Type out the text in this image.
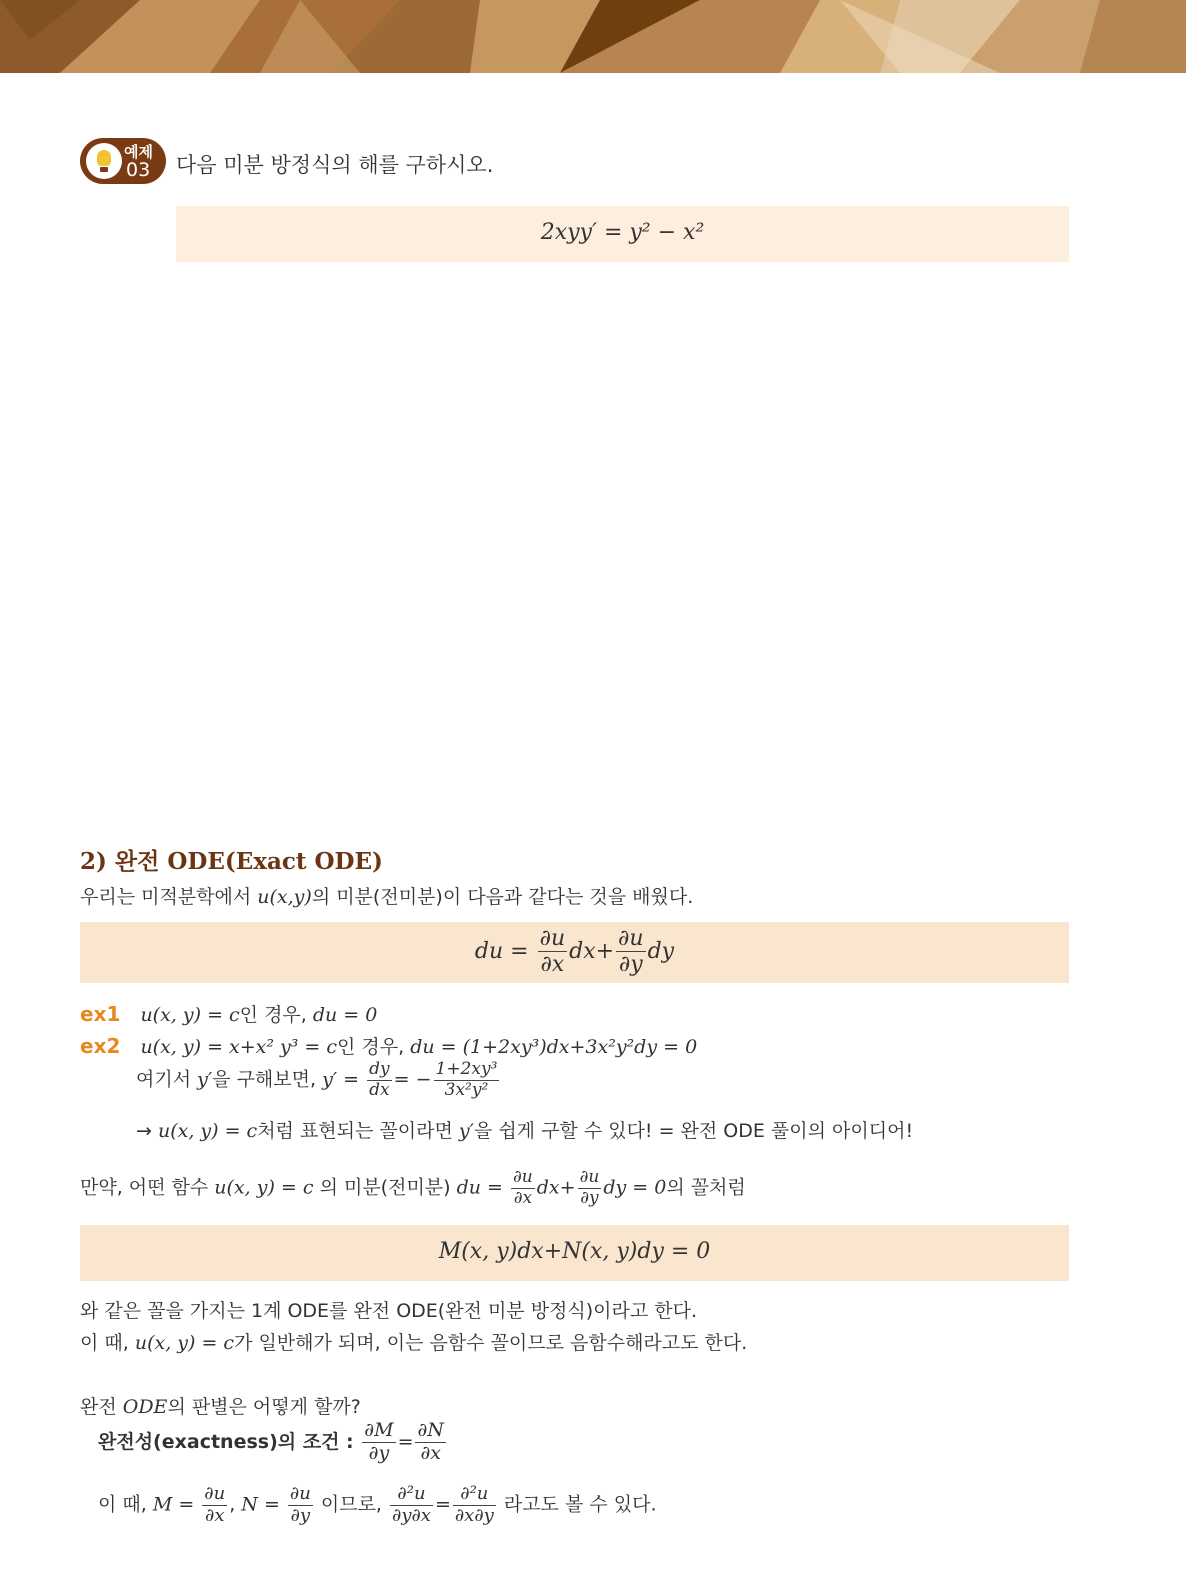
예제
03 다음 미분 방정식의 해를 구하시오.
2xyy′ = y² − x²
2) 완전 ODE(Exact ODE)
우리는 미적분학에서 u(x,y)의 미분(전미분)이 다음과 같다는 것을 배웠다.
du = $\frac{\partial u}{\partial x} dx+ \frac{\partial u}{\partial y}$ dy
ex1 u(x, y) = c인 경우, du = 0
ex2 u(x, y) = x+x² y³ = c인 경우, du = (1+2xy³)dx+3x²y²dy = 0
여기서 y′을 구해보면, $y' = \frac{dy}{dx}$ = − $\frac{\text{1+2xy³}}{\text{3x²y²}}$
→ u(x, y) = c처럼 표현되는 꼴이라면 y′을 쉽게 구할 수 있다! = 완전 ODE 풀이의 아이디어!
만약, 어떤 함수 u(x, y) = c 의 미분(전미분) du = $\frac{\partial u}{\partial x} dx+ \frac{\partial u}{\partial y}$ dy = 0의 꼴처럼
M(x, y)dx+N(x, y)dy = 0
와 같은 꼴을 가지는 1계 ODE를 완전 ODE(완전 미분 방정식)이라고 한다.
이 때, u(x, y) = c가 일반해가 되며, 이는 음함수 꼴이므로 음함수해라고도 한다.
완전 ODE의 판별은 어떻게 할까?
완전성(exactness)의 조건 : $\frac{\partial M}{\partial y} = \frac{\partial N}{\partial x}$
이 때, $M = \frac{\partial u}{\partial x}$ , $N = \frac{\partial u}{\partial y}$ 이므로, $\frac{\text{∂²u}}{\partial y\partial x} = \frac{\text{∂²u}}{\partial x\partial y}$ 라고도 볼 수 있다.
